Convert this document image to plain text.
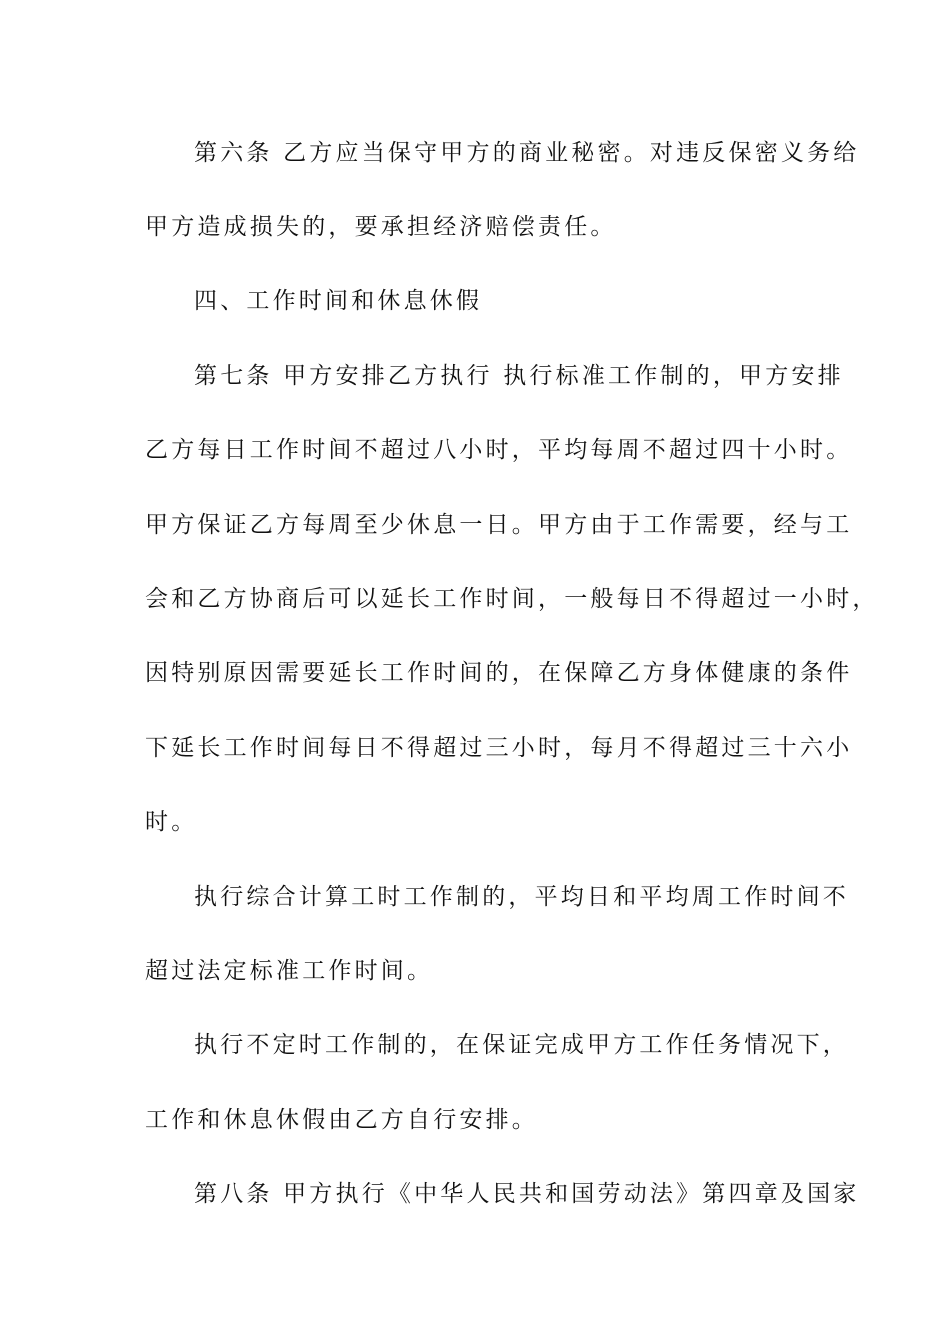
第六条 乙方应当保守甲方的商业秘密。对违反保密义务给
甲方造成损失的，要承担经济赔偿责任。
四、工作时间和休息休假
第七条 甲方安排乙方执行 执行标准工作制的，甲方安排
乙方每日工作时间不超过八小时，平均每周不超过四十小时。
甲方保证乙方每周至少休息一日。甲方由于工作需要，经与工
会和乙方协商后可以延长工作时间，一般每日不得超过一小时，
因特别原因需要延长工作时间的，在保障乙方身体健康的条件
下延长工作时间每日不得超过三小时，每月不得超过三十六小
时。
执行综合计算工时工作制的，平均日和平均周工作时间不
超过法定标准工作时间。
执行不定时工作制的，在保证完成甲方工作任务情况下，
工作和休息休假由乙方自行安排。
第八条 甲方执行《中华人民共和国劳动法》第四章及国家
